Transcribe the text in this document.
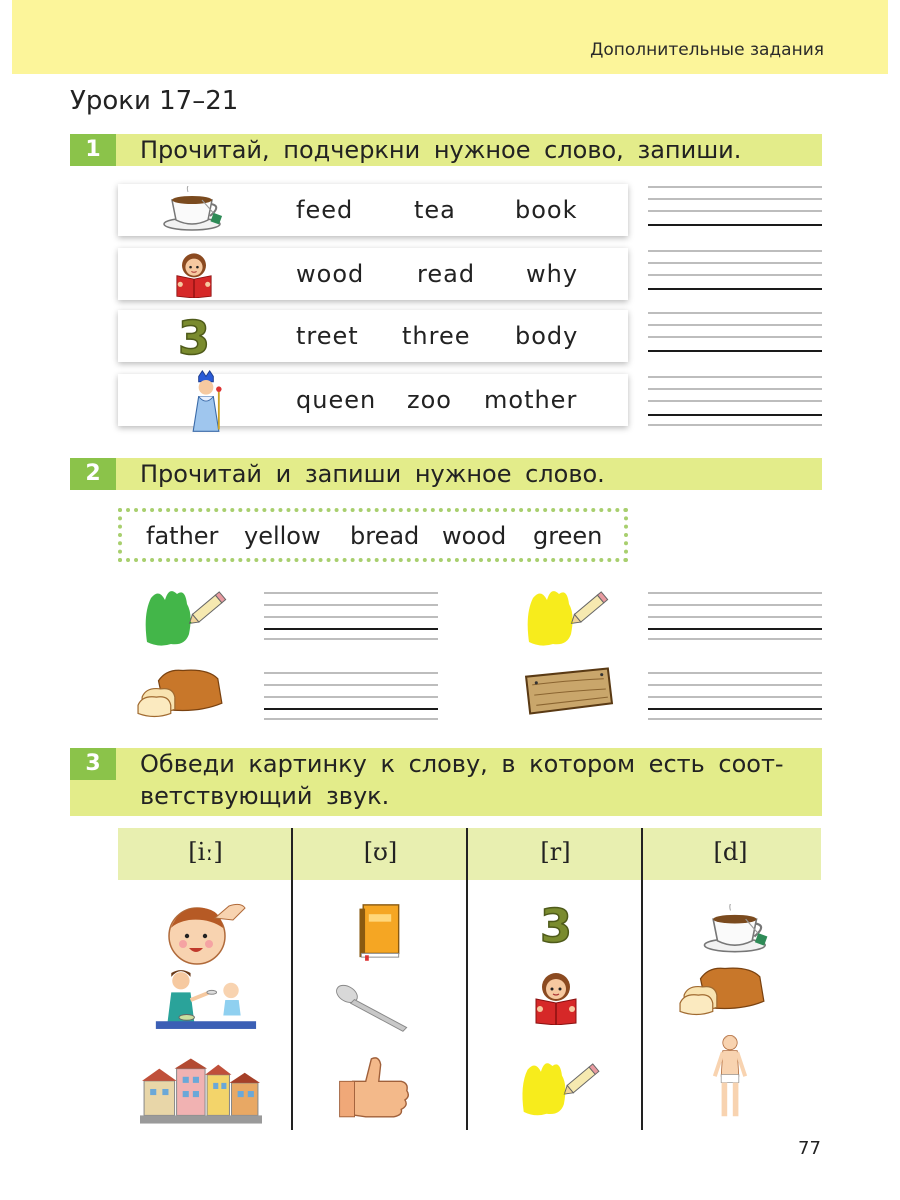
Дополнительные задания
Уроки 17–21
1	Прочитай, подчеркни нужное слово, запиши.
feed	tea book
wood read why
treet three body
queen zoo mother
2	Прочитай и запиши нужное слово.
father yellow bread wood green
3	Обведи картинку к слову, в котором есть соот-
ветствующий звук.
[iː]	[ʊ]	[r]	[d]
77
